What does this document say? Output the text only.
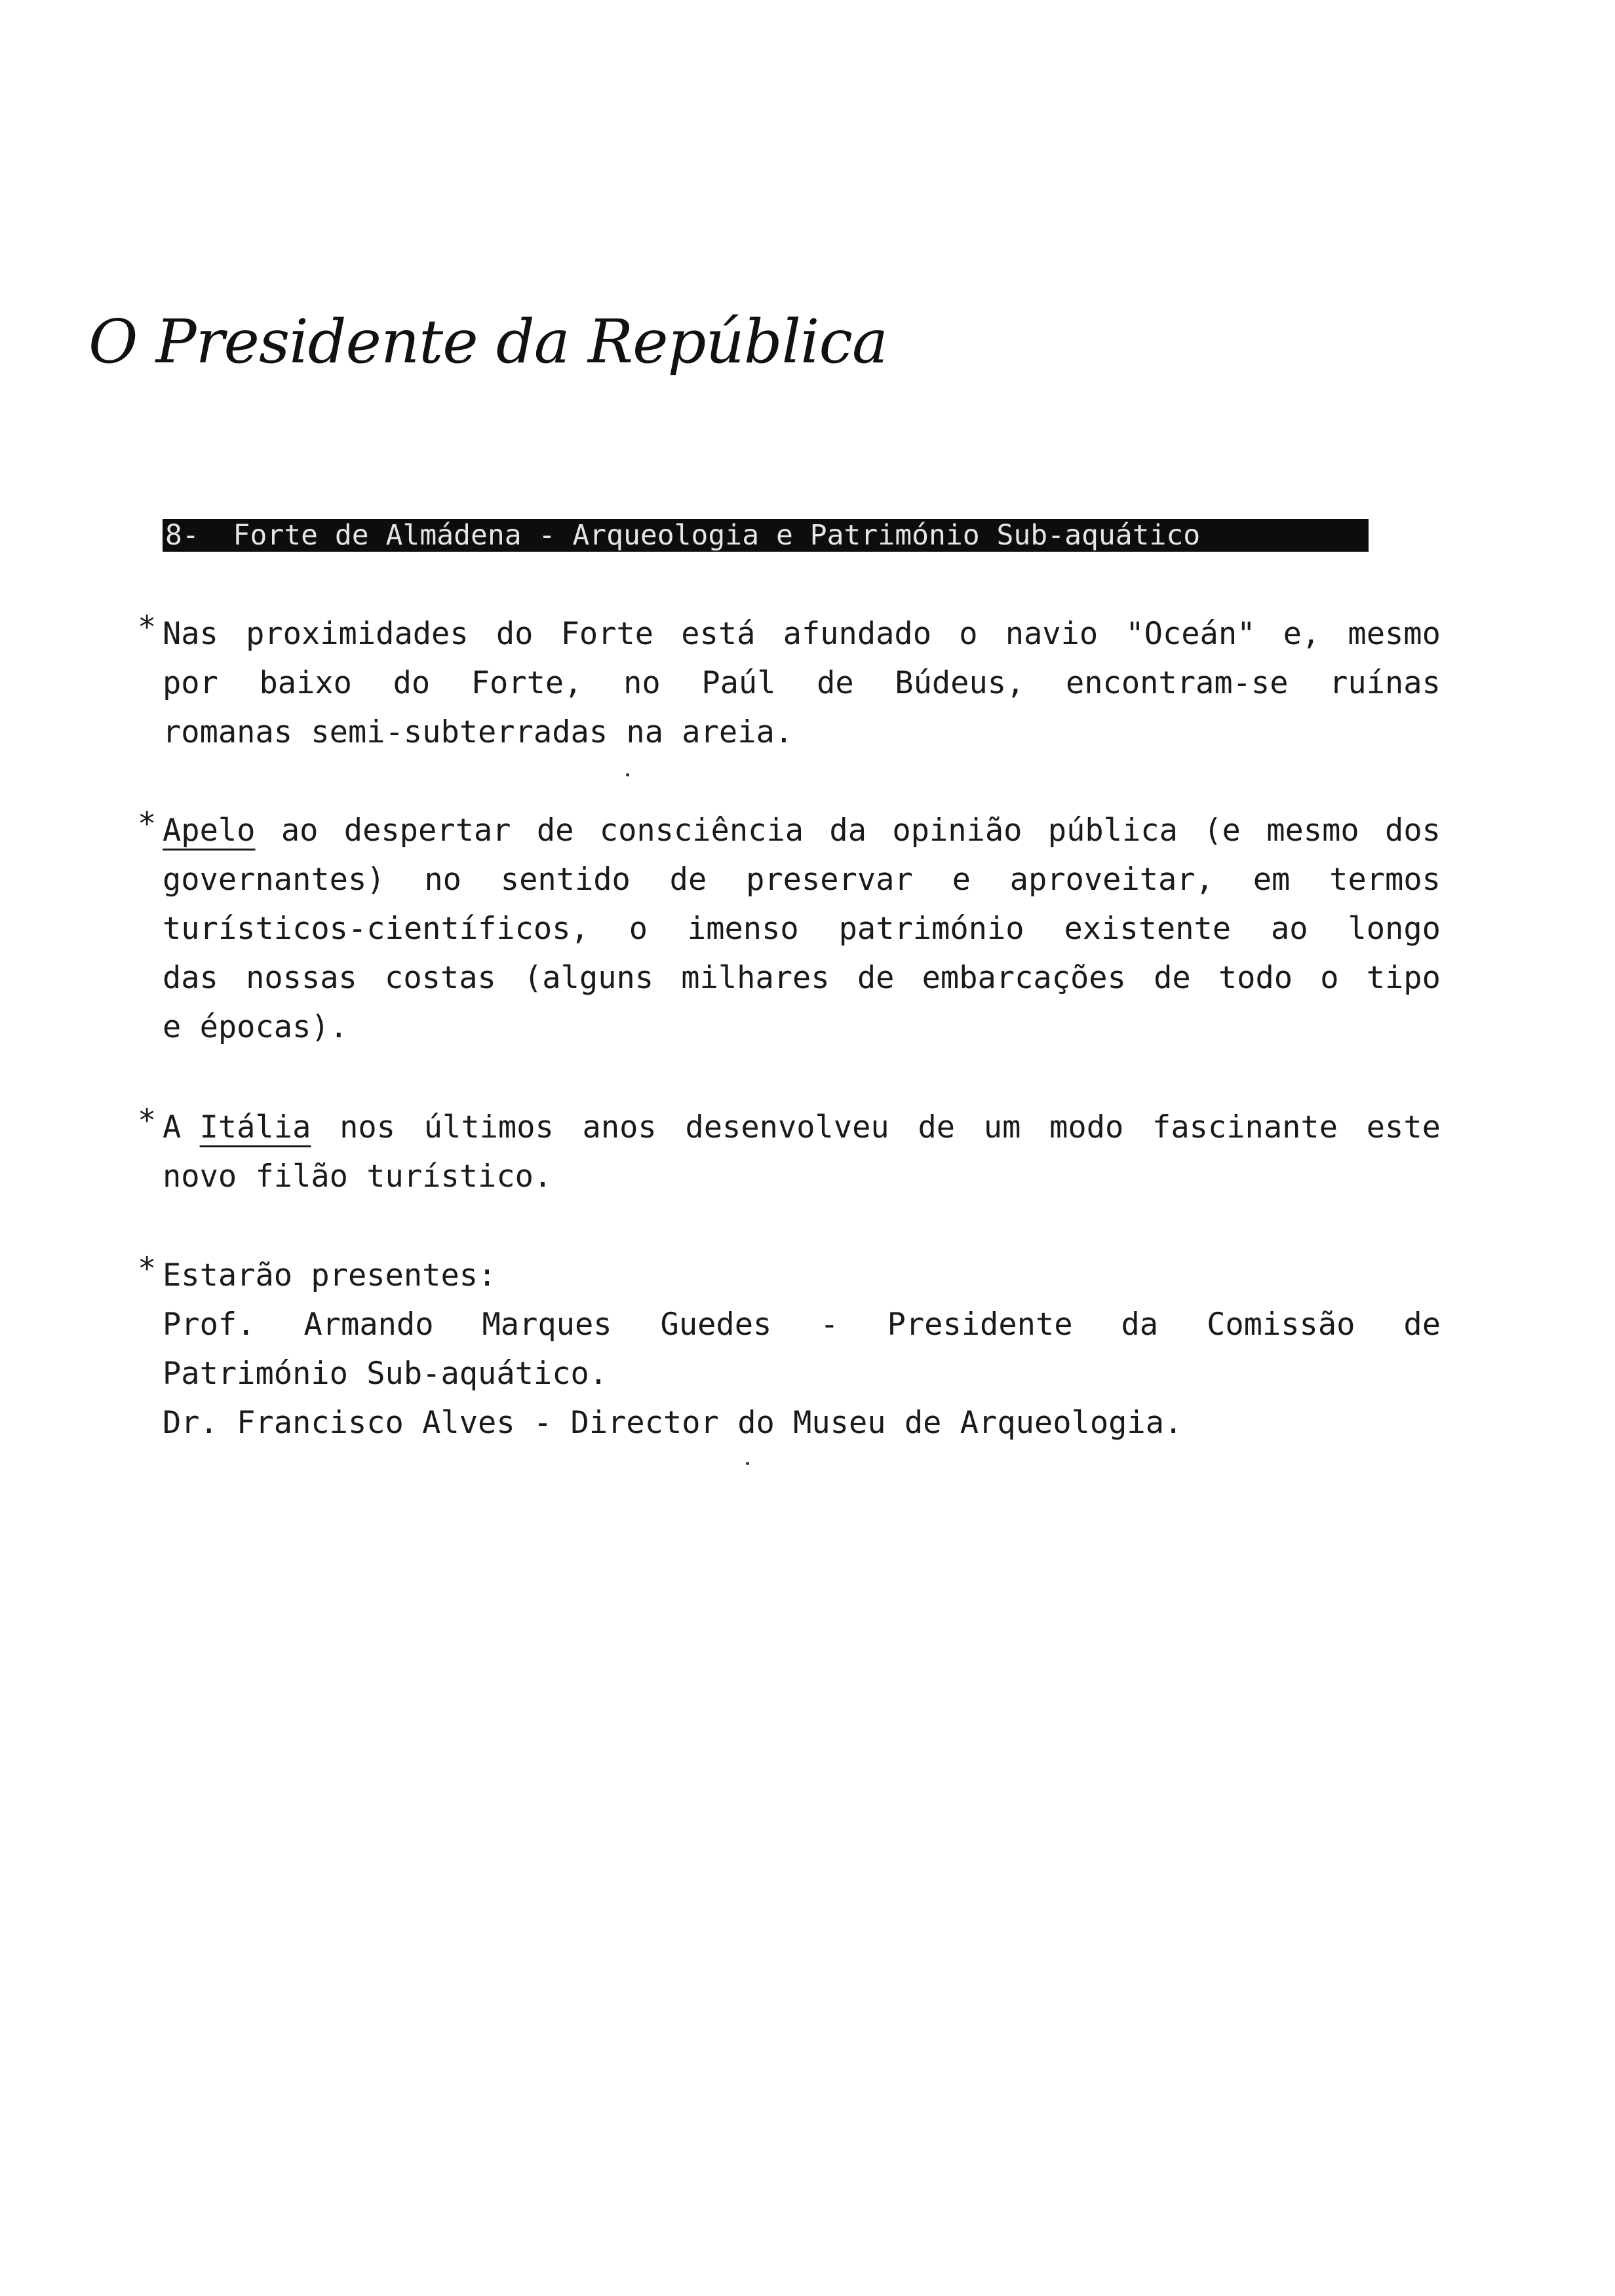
O Presidente da República
8-  Forte de Almádena - Arqueologia e Património Sub-aquático
* Nas proximidades do Forte está afundado o navio "Oceán" e, mesmo
por baixo do Forte, no Paúl de Búdeus, encontram-se ruínas
romanas semi-subterradas na areia.
* Apelo ao despertar de consciência da opinião pública (e mesmo dos
governantes) no sentido de preservar e aproveitar, em termos
turísticos-científicos, o imenso património existente ao longo
das nossas costas (alguns milhares de embarcações de todo o tipo
e épocas).
* A Itália nos últimos anos desenvolveu de um modo fascinante este
novo filão turístico.
* Estarão presentes:
Prof. Armando Marques Guedes - Presidente da Comissão de
Património Sub-aquático.
Dr. Francisco Alves - Director do Museu de Arqueologia.
